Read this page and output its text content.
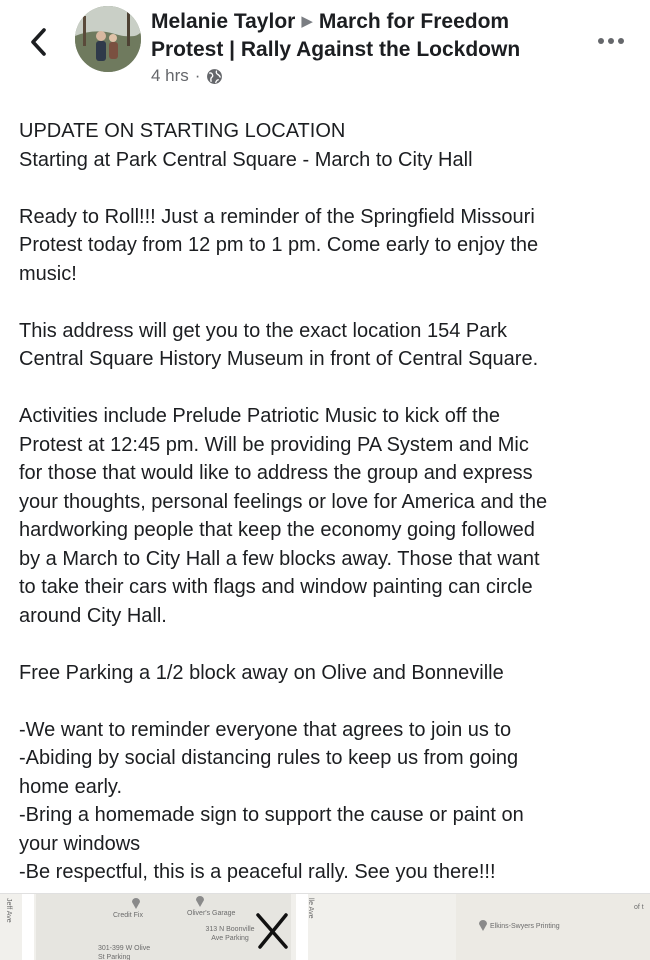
Melanie Taylor ▶ March for Freedom Protest | Rally Against the Lockdown
4 hrs ·
UPDATE ON STARTING LOCATION
Starting at Park Central Square - March to City Hall
Ready to Roll!!! Just a reminder of the Springfield Missouri
Protest today from 12 pm to 1 pm. Come early to enjoy the
music!
This address will get you to the exact location 154 Park
Central Square History Museum in front of Central Square.
Activities include Prelude Patriotic Music to kick off the
Protest at 12:45 pm. Will be providing PA System and Mic
for those that would like to address the group and express
your thoughts, personal feelings or love for America and the
hardworking people that keep the economy going followed
by a March to City Hall a few blocks away. Those that want
to take their cars with flags and window painting can circle
around City Hall.
Free Parking a 1/2 block away on Olive and Bonneville
-We want to reminder everyone that agrees to join us to
-Abiding by social distancing rules to keep us from going
home early.
-Bring a homemade sign to support the cause or paint on
your windows
-Be respectful, this is a peaceful rally. See you there!!!
Jeff Ave	Credit Fix	Oliver's Garage
313 N Boonville Ave Parking
301-399 W Olive St Parking
lle Ave
Elkins-Swyers Printing
of t
